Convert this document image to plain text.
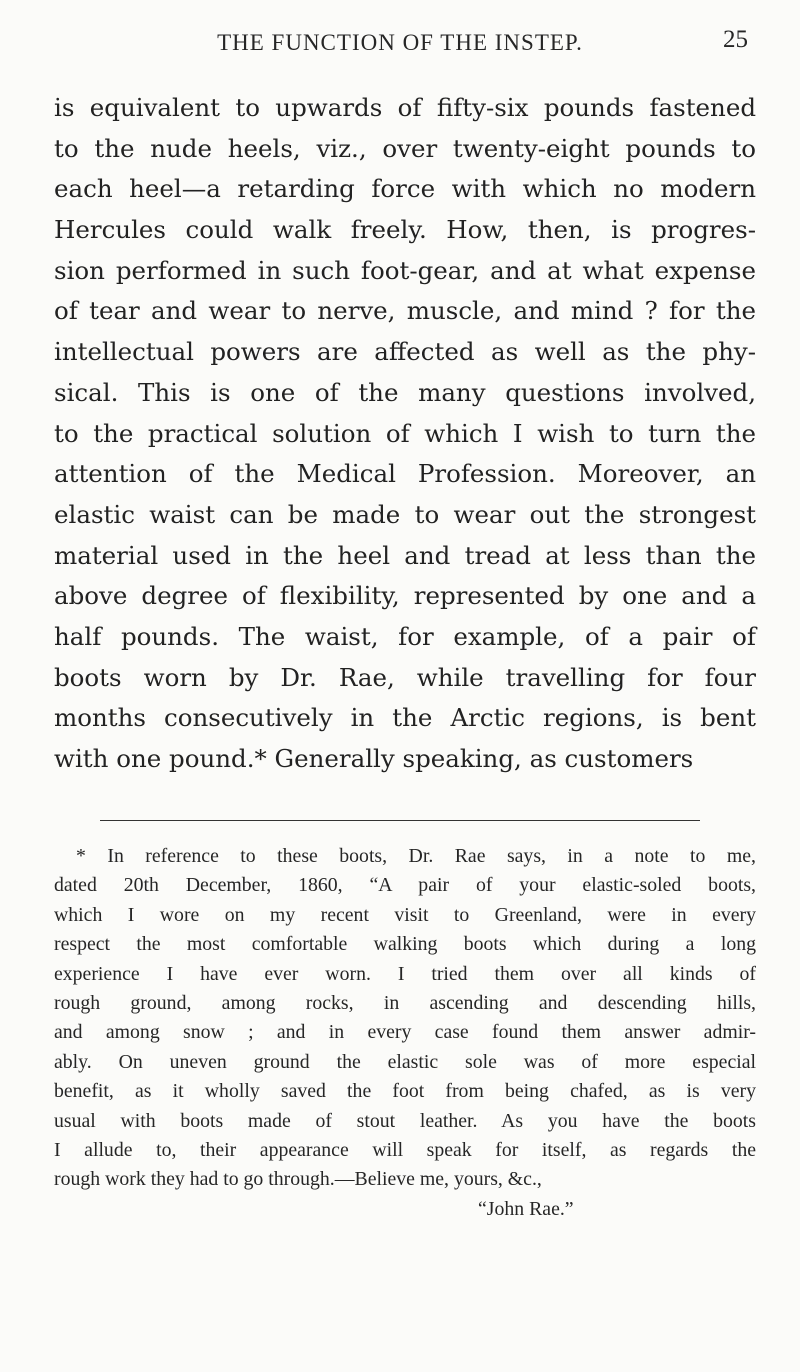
THE FUNCTION OF THE INSTEP.	25
is equivalent to upwards of fifty-six pounds fastened
to the nude heels, viz., over twenty-eight pounds to
each heel—a retarding force with which no modern
Hercules could walk freely. How, then, is progres-
sion performed in such foot-gear, and at what expense
of tear and wear to nerve, muscle, and mind ? for the
intellectual powers are affected as well as the phy-
sical. This is one of the many questions involved,
to the practical solution of which I wish to turn the
attention of the Medical Profession. Moreover, an
elastic waist can be made to wear out the strongest
material used in the heel and tread at less than the
above degree of flexibility, represented by one and a
half pounds. The waist, for example, of a pair of
boots worn by Dr. Rae, while travelling for four
months consecutively in the Arctic regions, is bent
with one pound.* Generally speaking, as customers
* In reference to these boots, Dr. Rae says, in a note to me,
dated 20th December, 1860, “A pair of your elastic-soled boots,
which I wore on my recent visit to Greenland, were in every
respect the most comfortable walking boots which during a long
experience I have ever worn. I tried them over all kinds of
rough ground, among rocks, in ascending and descending hills,
and among snow ; and in every case found them answer admir-
ably. On uneven ground the elastic sole was of more especial
benefit, as it wholly saved the foot from being chafed, as is very
usual with boots made of stout leather. As you have the boots
I allude to, their appearance will speak for itself, as regards the
rough work they had to go through.—Believe me, yours, &c.,
“John Rae.”
